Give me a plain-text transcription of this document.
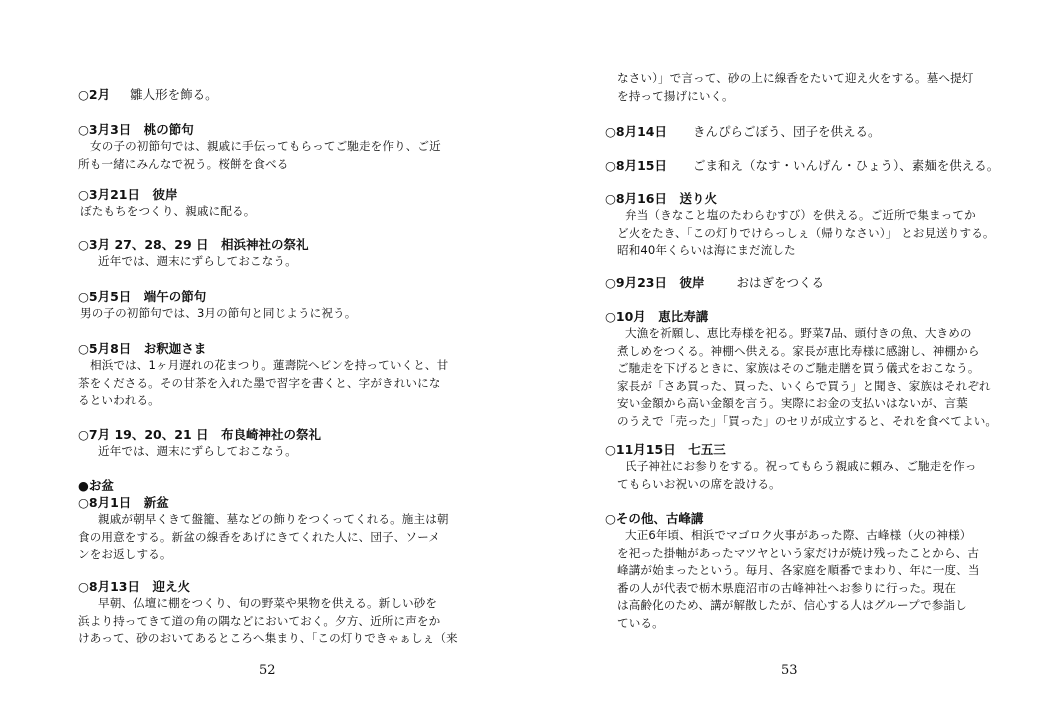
○2月 雛人形を飾る。
○3月3日　桃の節句
女の子の初節句では、親戚に手伝ってもらってご馳走を作り、ご近
所も一緒にみんなで祝う。桜餅を食べる
○3月21日　彼岸
ぼたもちをつくり、親戚に配る。
○3月 27、28、29 日　相浜神社の祭礼
近年では、週末にずらしておこなう。
○5月5日　端午の節句
男の子の初節句では、3月の節句と同じように祝う。
○5月8日　お釈迦さま
相浜では、1ヶ月遅れの花まつり。蓮壽院へビンを持っていくと、甘
茶をくださる。その甘茶を入れた墨で習字を書くと、字がきれいにな
るといわれる。
○7月 19、20、21 日　布良崎神社の祭礼
近年では、週末にずらしておこなう。
●お盆
○8月1日　新盆
親戚が朝早くきて盤籠、墓などの飾りをつくってくれる。施主は朝
食の用意をする。新盆の線香をあげにきてくれた人に、団子、ソーメ
ンをお返しする。
○8月13日　迎え火
早朝、仏壇に棚をつくり、旬の野菜や果物を供える。新しい砂を
浜より持ってきて道の角の隅などにおいておく。夕方、近所に声をか
けあって、砂のおいてあるところへ集まり、「この灯りできゃぁしぇ（来
52
なさい）」で言って、砂の上に線香をたいて迎え火をする。墓へ提灯
を持って揚げにいく。
○8月14日 きんぴらごぼう、団子を供える。
○8月15日 ごま和え（なす・いんげん・ひょう）、素麺を供える。
○8月16日　送り火
弁当（きなこと塩のたわらむすび）を供える。ご近所で集まってか
ど火をたき、「この灯りでけらっしぇ（帰りなさい）」 とお見送りする。
昭和40年くらいは海にまだ流した
○9月23日　彼岸	おはぎをつくる
○10月　恵比寿講
大漁を祈願し、恵比寿様を祀る。野菜7品、頭付きの魚、大きめの
煮しめをつくる。神棚へ供える。家長が恵比寿様に感謝し、神棚から
ご馳走を下げるときに、家族はそのご馳走膳を買う儀式をおこなう。
家長が「さあ買った、買った、いくらで買う」と聞き、家族はそれぞれ
安い金額から高い金額を言う。実際にお金の支払いはないが、言葉
のうえで「売った」「買った」のセリが成立すると、それを食べてよい。
○11月15日　七五三
氏子神社にお参りをする。祝ってもらう親戚に頼み、ご馳走を作っ
てもらいお祝いの席を設ける。
○その他、古峰講
大正6年頃、相浜でマゴロク火事があった際、古峰様（火の神様）
を祀った掛軸があったマツヤという家だけが焼け残ったことから、古
峰講が始まったという。毎月、各家庭を順番でまわり、年に一度、当
番の人が代表で栃木県鹿沼市の古峰神社へお参りに行った。現在
は高齢化のため、講が解散したが、信心する人はグループで参詣し
ている。
53
